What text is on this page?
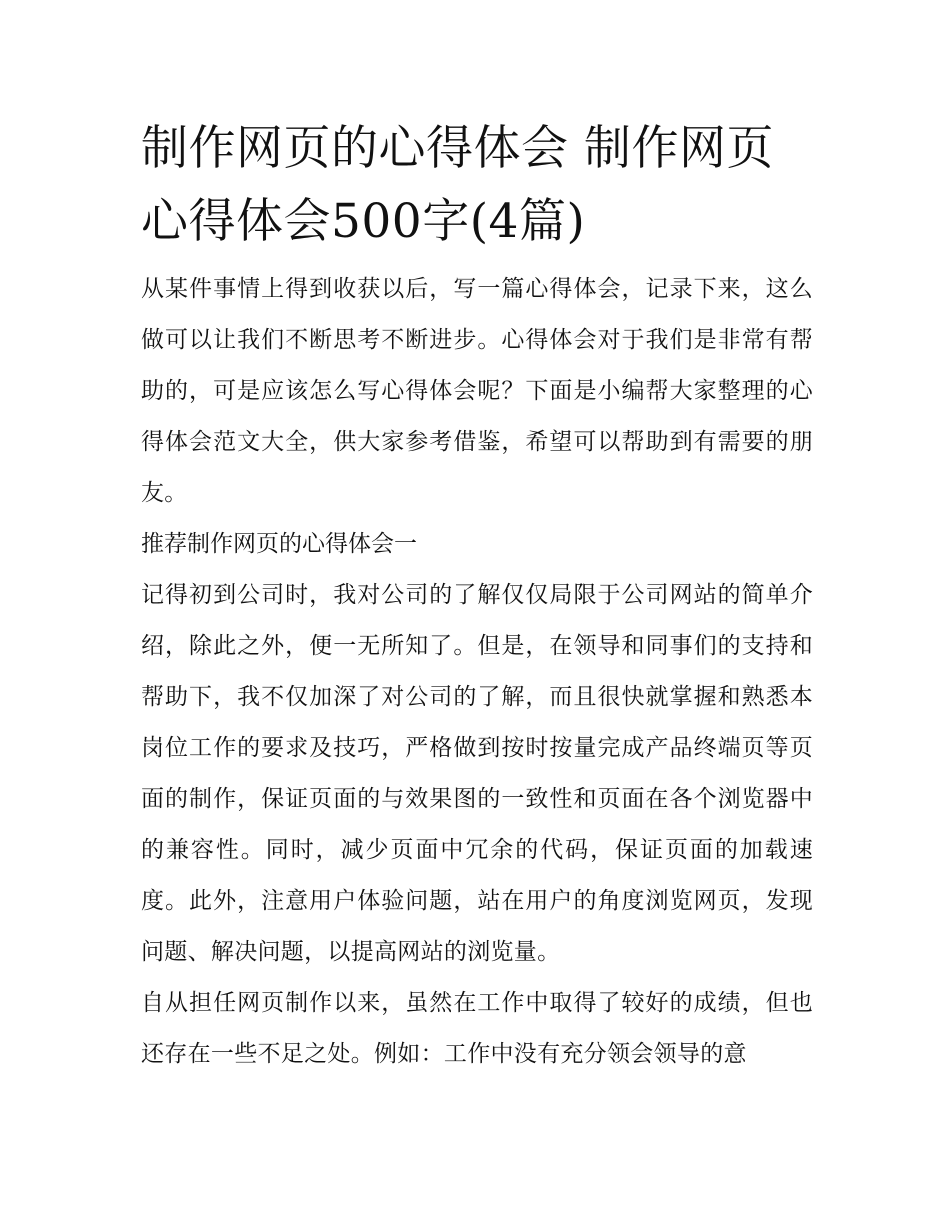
制作网页的心得体会 制作网页心得体会500字(4篇)

从某件事情上得到收获以后，写一篇心得体会，记录下来，这么做可以让我们不断思考不断进步。心得体会对于我们是非常有帮助的，可是应该怎么写心得体会呢？下面是小编帮大家整理的心得体会范文大全，供大家参考借鉴，希望可以帮助到有需要的朋友。

推荐制作网页的心得体会一

记得初到公司时，我对公司的了解仅仅局限于公司网站的简单介绍，除此之外，便一无所知了。但是，在领导和同事们的支持和帮助下，我不仅加深了对公司的了解，而且很快就掌握和熟悉本岗位工作的要求及技巧，严格做到按时按量完成产品终端页等页面的制作，保证页面的与效果图的一致性和页面在各个浏览器中的兼容性。同时，减少页面中冗余的代码，保证页面的加载速度。此外，注意用户体验问题，站在用户的角度浏览网页，发现问题、解决问题，以提高网站的浏览量。

自从担任网页制作以来，虽然在工作中取得了较好的成绩，但也还存在一些不足之处。例如：工作中没有充分领会领导的意
